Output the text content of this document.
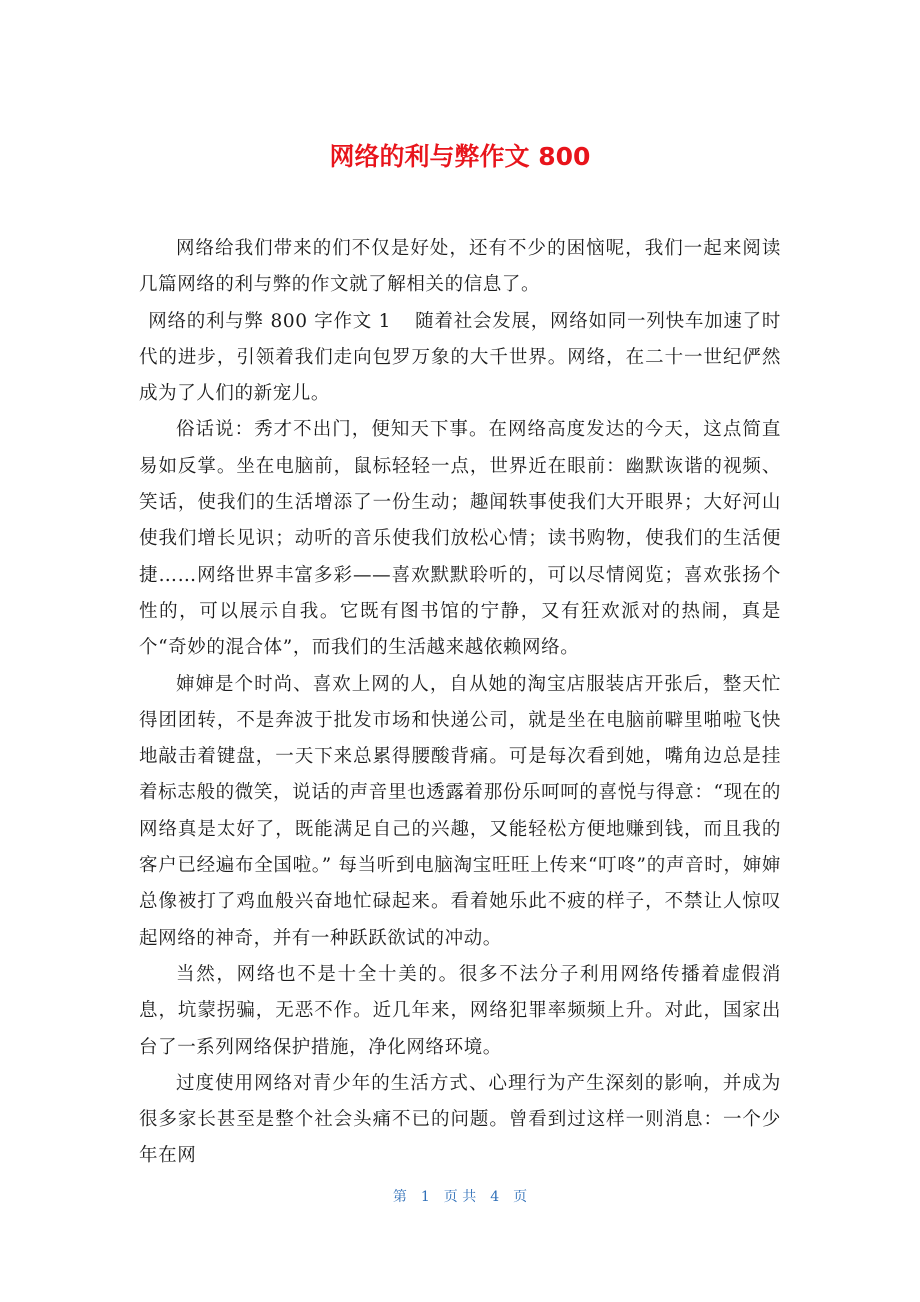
网络的利与弊作文 800

网络给我们带来的们不仅是好处，还有不少的困恼呢，我们一起来阅读几篇网络的利与弊的作文就了解相关的信息了。

网络的利与弊 800 字作文 1 随着社会发展，网络如同一列快车加速了时代的进步，引领着我们走向包罗万象的大千世界。网络，在二十一世纪俨然成为了人们的新宠儿。

俗话说：秀才不出门，便知天下事。在网络高度发达的今天，这点简直易如反掌。坐在电脑前，鼠标轻轻一点，世界近在眼前：幽默诙谐的视频、笑话，使我们的生活增添了一份生动；趣闻轶事使我们大开眼界；大好河山使我们增长见识；动听的音乐使我们放松心情；读书购物，使我们的生活便捷……网络世界丰富多彩——喜欢默默聆听的，可以尽情阅览；喜欢张扬个性的，可以展示自我。它既有图书馆的宁静，又有狂欢派对的热闹，真是个“奇妙的混合体”，而我们的生活越来越依赖网络。

婶婶是个时尚、喜欢上网的人，自从她的淘宝店服装店开张后，整天忙得团团转，不是奔波于批发市场和快递公司，就是坐在电脑前噼里啪啦飞快地敲击着键盘，一天下来总累得腰酸背痛。可是每次看到她，嘴角边总是挂着标志般的微笑，说话的声音里也透露着那份乐呵呵的喜悦与得意：“现在的网络真是太好了，既能满足自己的兴趣，又能轻松方便地赚到钱，而且我的客户已经遍布全国啦。” 每当听到电脑淘宝旺旺上传来“叮咚”的声音时，婶婶总像被打了鸡血般兴奋地忙碌起来。看着她乐此不疲的样子，不禁让人惊叹起网络的神奇，并有一种跃跃欲试的冲动。

当然，网络也不是十全十美的。很多不法分子利用网络传播着虚假消息，坑蒙拐骗，无恶不作。近几年来，网络犯罪率频频上升。对此，国家出台了一系列网络保护措施，净化网络环境。

过度使用网络对青少年的生活方式、心理行为产生深刻的影响，并成为很多家长甚至是整个社会头痛不已的问题。曾看到过这样一则消息：一个少年在网

第 1 页 共 4 页
